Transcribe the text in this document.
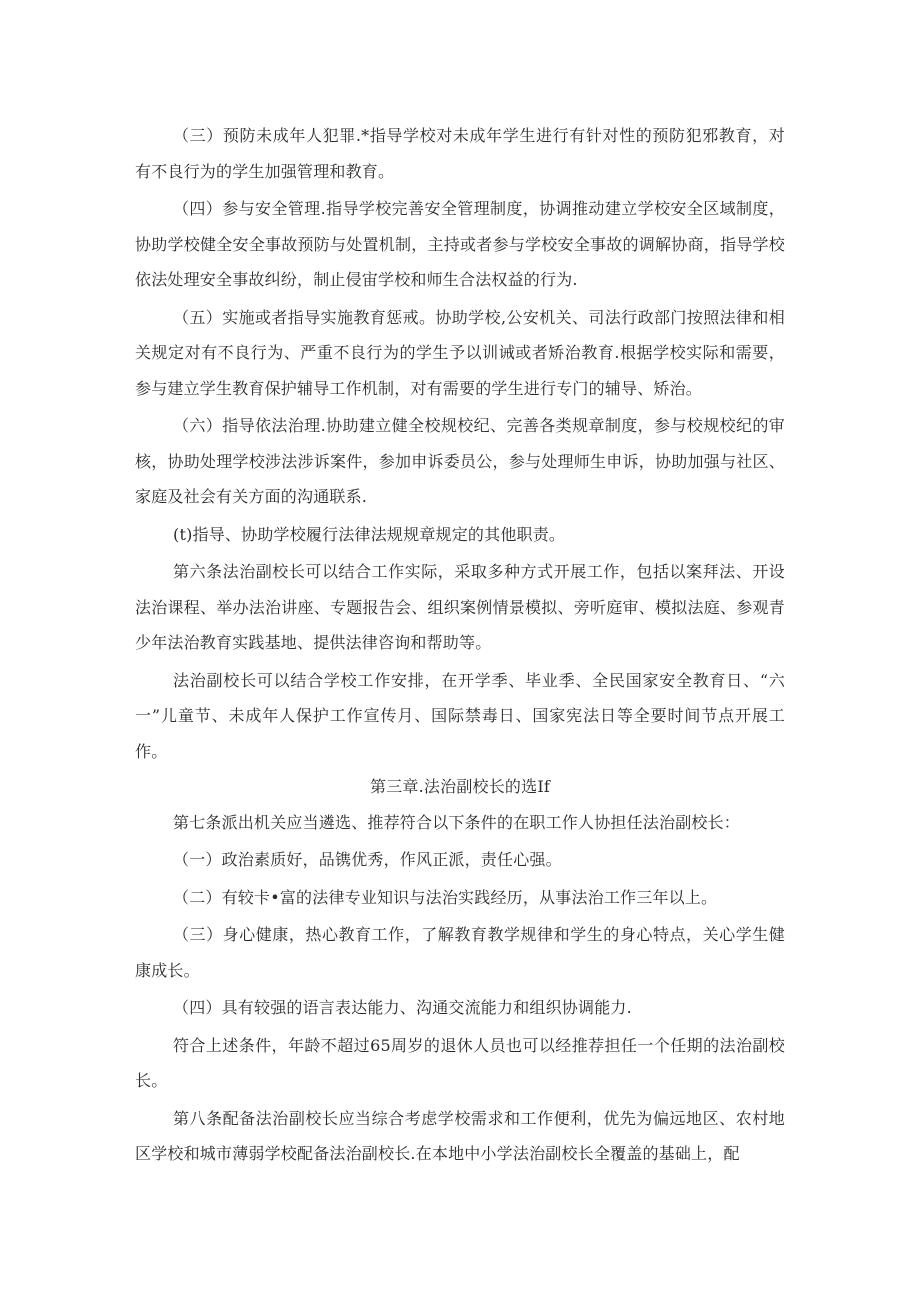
（三）预防未成年人犯罪.*指导学校对未成年学生进行有针对性的预防犯邪教育，对有不良行为的学生加强管理和教育。

（四）参与安全管理.指导学校完善安全管理制度，协调推动建立学校安全区域制度，协助学校健全安全事故预防与处置机制，主持或者参与学校安全事故的调解协商，指导学校依法处理安全事故纠纷，制止侵宙学校和师生合法权益的行为.

（五）实施或者指导实施教育惩戒。协助学校,公安机关、司法行政部门按照法律和相关规定对有不良行为、严重不良行为的学生予以训诫或者矫治教育.根据学校实际和需要，参与建立学生教育保护辅导工作机制，对有需要的学生进行专门的辅导、矫治。

（六）指导依法治理.协助建立健全校规校纪、完善各类规章制度，参与校规校纪的审核，协助处理学校涉法涉诉案件，参加申诉委员公，参与处理师生申诉，协助加强与社区、家庭及社会有关方面的沟通联系.

(t)指导、协助学校履行法律法规规章规定的其他职责。

第六条法治副校长可以结合工作实际，采取多种方式开展工作，包括以案拜法、开设法治课程、举办法治讲座、专题报告会、组织案例情景模拟、旁听庭审、模拟法庭、参观青少年法治教育实践基地、提供法律咨询和帮助等。

法治副校长可以结合学校工作安排，在开学季、毕业季、全民国家安全教育日、“六一”儿童节、未成年人保护工作宣传月、国际禁毒日、国家宪法日等全要时间节点开展工作。

第三章.法治副校长的选If

第七条派出机关应当遴选、推荐符合以下条件的在职工作人协担任法治副校长：

（一）政治素质好，品镌优秀，作风正派，责任心强。

（二）有较卡•富的法律专业知识与法治实践经历，从事法治工作三年以上。

（三）身心健康，热心教育工作，了解教育教学规律和学生的身心特点，关心学生健康成长。

（四）具有较强的语言表达能力、沟通交流能力和组织协调能力.

符合上述条件，年龄不超过65周岁的退休人员也可以经推荐担任一个任期的法治副校长。

第八条配备法治副校长应当综合考虑学校需求和工作便利，优先为偏远地区、农村地区学校和城市薄弱学校配备法治副校长.在本地中小学法治副校长全覆盖的基础上，配
